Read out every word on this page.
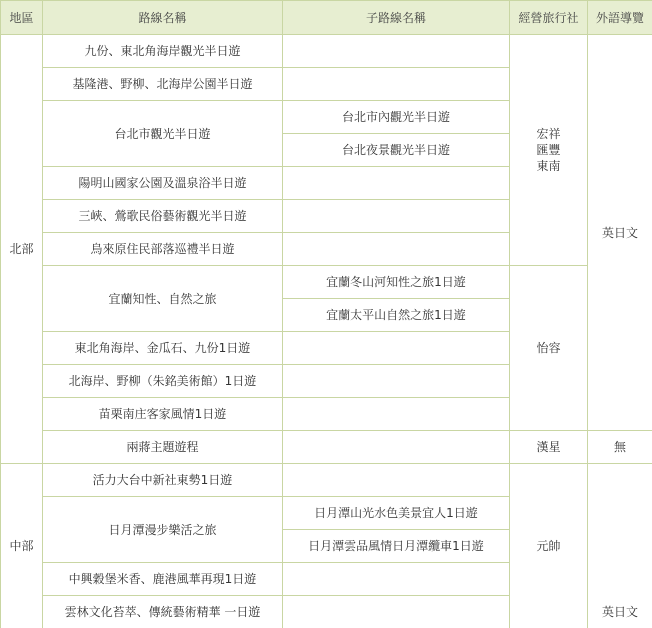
地區	路線名稱	子路線名稱	經營旅行社	外語導覽
北部	九份、東北角海岸觀光半日遊		宏祥
匯豐
東南	英日文
	基隆港、野柳、北海岸公園半日遊			
	台北市觀光半日遊	台北市內觀光半日遊		
		台北夜景觀光半日遊		
	陽明山國家公園及溫泉浴半日遊			
	三峽、鶯歌民俗藝術觀光半日遊			
	烏來原住民部落巡禮半日遊			
	宜蘭知性、自然之旅	宜蘭冬山河知性之旅1日遊	怡容	
		宜蘭太平山自然之旅1日遊		
	東北角海岸、金瓜石、九份1日遊			
	北海岸、野柳（朱銘美術館）1日遊			
	苗栗南庄客家風情1日遊			
	兩蔣主題遊程		漢星	無
中部	活力大台中新社東勢1日遊		元帥	英日文
	日月潭漫步樂活之旅	日月潭山光水色美景宜人1日遊		
		日月潭雲品風情日月潭纜車1日遊		
	中興穀堡米香、鹿港風華再現1日遊			
	雲林文化苔萃、傳統藝術精華 一日遊			
